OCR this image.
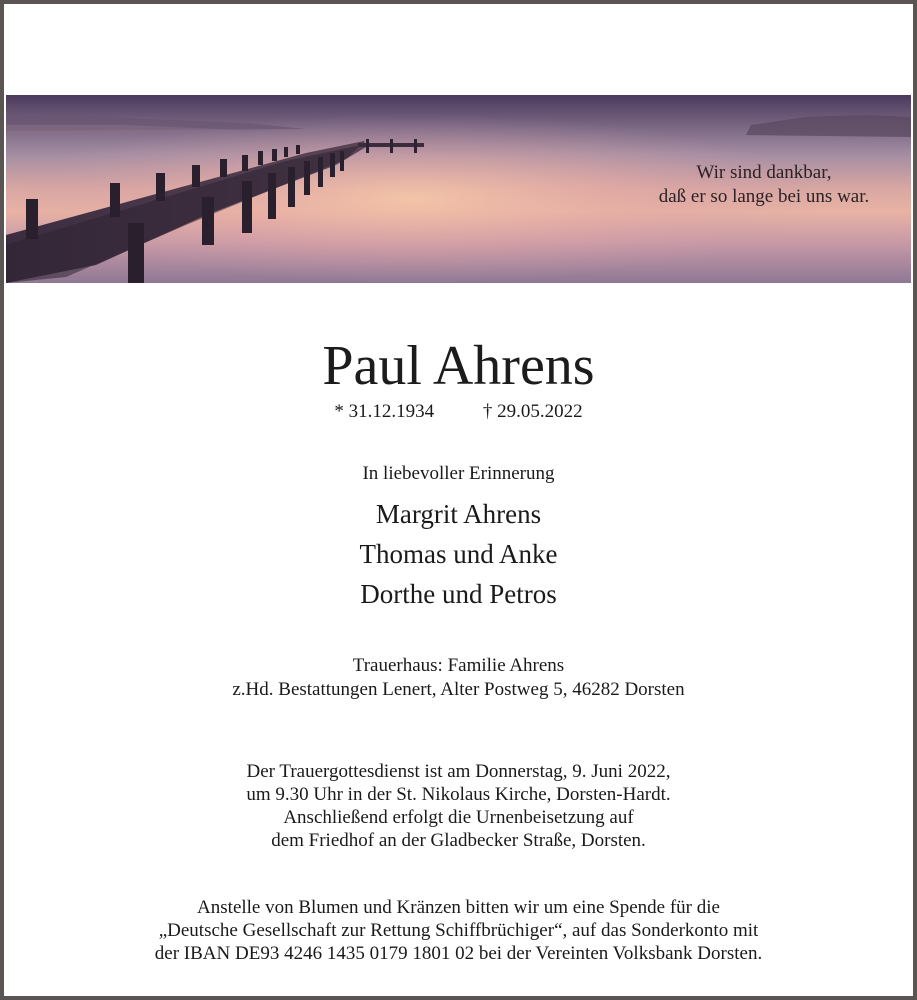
Wir sind dankbar,
daß er so lange bei uns war.
Paul Ahrens
* 31.12.1934	† 29.05.2022
In liebevoller Erinnerung
Margrit Ahrens
Thomas und Anke
Dorthe und Petros
Trauerhaus: Familie Ahrens
z.Hd. Bestattungen Lenert, Alter Postweg 5, 46282 Dorsten
Der Trauergottesdienst ist am Donnerstag, 9. Juni 2022,
um 9.30 Uhr in der St. Nikolaus Kirche, Dorsten-Hardt.
Anschließend erfolgt die Urnenbeisetzung auf
dem Friedhof an der Gladbecker Straße, Dorsten.
Anstelle von Blumen und Kränzen bitten wir um eine Spende für die
„Deutsche Gesellschaft zur Rettung Schiffbrüchiger“, auf das Sonderkonto mit
der IBAN DE93 4246 1435 0179 1801 02 bei der Vereinten Volksbank Dorsten.
